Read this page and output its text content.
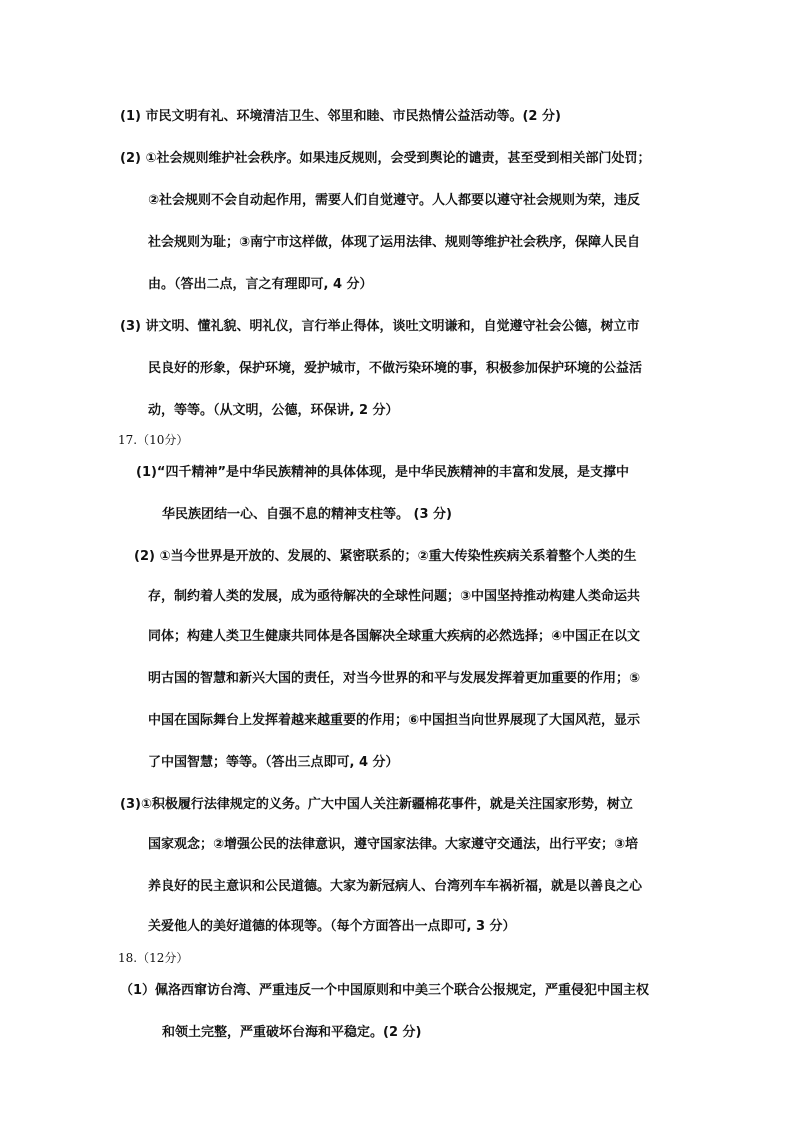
(1) 市民文明有礼、环境清洁卫生、邻里和睦、市民热情公益活动等。(2 分)
(2) ①社会规则维护社会秩序。如果违反规则，会受到舆论的谴责，甚至受到相关部门处罚；
②社会规则不会自动起作用，需要人们自觉遵守。人人都要以遵守社会规则为荣，违反
社会规则为耻；③南宁市这样做，体现了运用法律、规则等维护社会秩序，保障人民自
由。（答出二点，言之有理即可, 4 分）
(3) 讲文明、懂礼貌、明礼仪，言行举止得体，谈吐文明谦和，自觉遵守社会公德，树立市
民良好的形象，保护环境，爱护城市，不做污染环境的事，积极参加保护环境的公益活
动，等等。（从文明，公德，环保讲, 2 分）
17.（10分）
(1)“四千精神”是中华民族精神的具体体现，是中华民族精神的丰富和发展，是支撑中
华民族团结一心、自强不息的精神支柱等。 (3 分)
(2) ①当今世界是开放的、发展的、紧密联系的；②重大传染性疾病关系着整个人类的生
存，制约着人类的发展，成为亟待解决的全球性问题；③中国坚持推动构建人类命运共
同体；构建人类卫生健康共同体是各国解决全球重大疾病的必然选择；④中国正在以文
明古国的智慧和新兴大国的责任，对当今世界的和平与发展发挥着更加重要的作用；⑤
中国在国际舞台上发挥着越来越重要的作用；⑥中国担当向世界展现了大国风范，显示
了中国智慧；等等。（答出三点即可, 4 分）
(3)①积极履行法律规定的义务。广大中国人关注新疆棉花事件，就是关注国家形势，树立
国家观念；②增强公民的法律意识，遵守国家法律。大家遵守交通法，出行平安；③培
养良好的民主意识和公民道德。大家为新冠病人、台湾列车车祸祈福，就是以善良之心
关爱他人的美好道德的体现等。（每个方面答出一点即可, 3 分）
18.（12分）
（1）佩洛西窜访台湾、严重违反一个中国原则和中美三个联合公报规定，严重侵犯中国主权
和领土完整，严重破坏台海和平稳定。(2 分)
